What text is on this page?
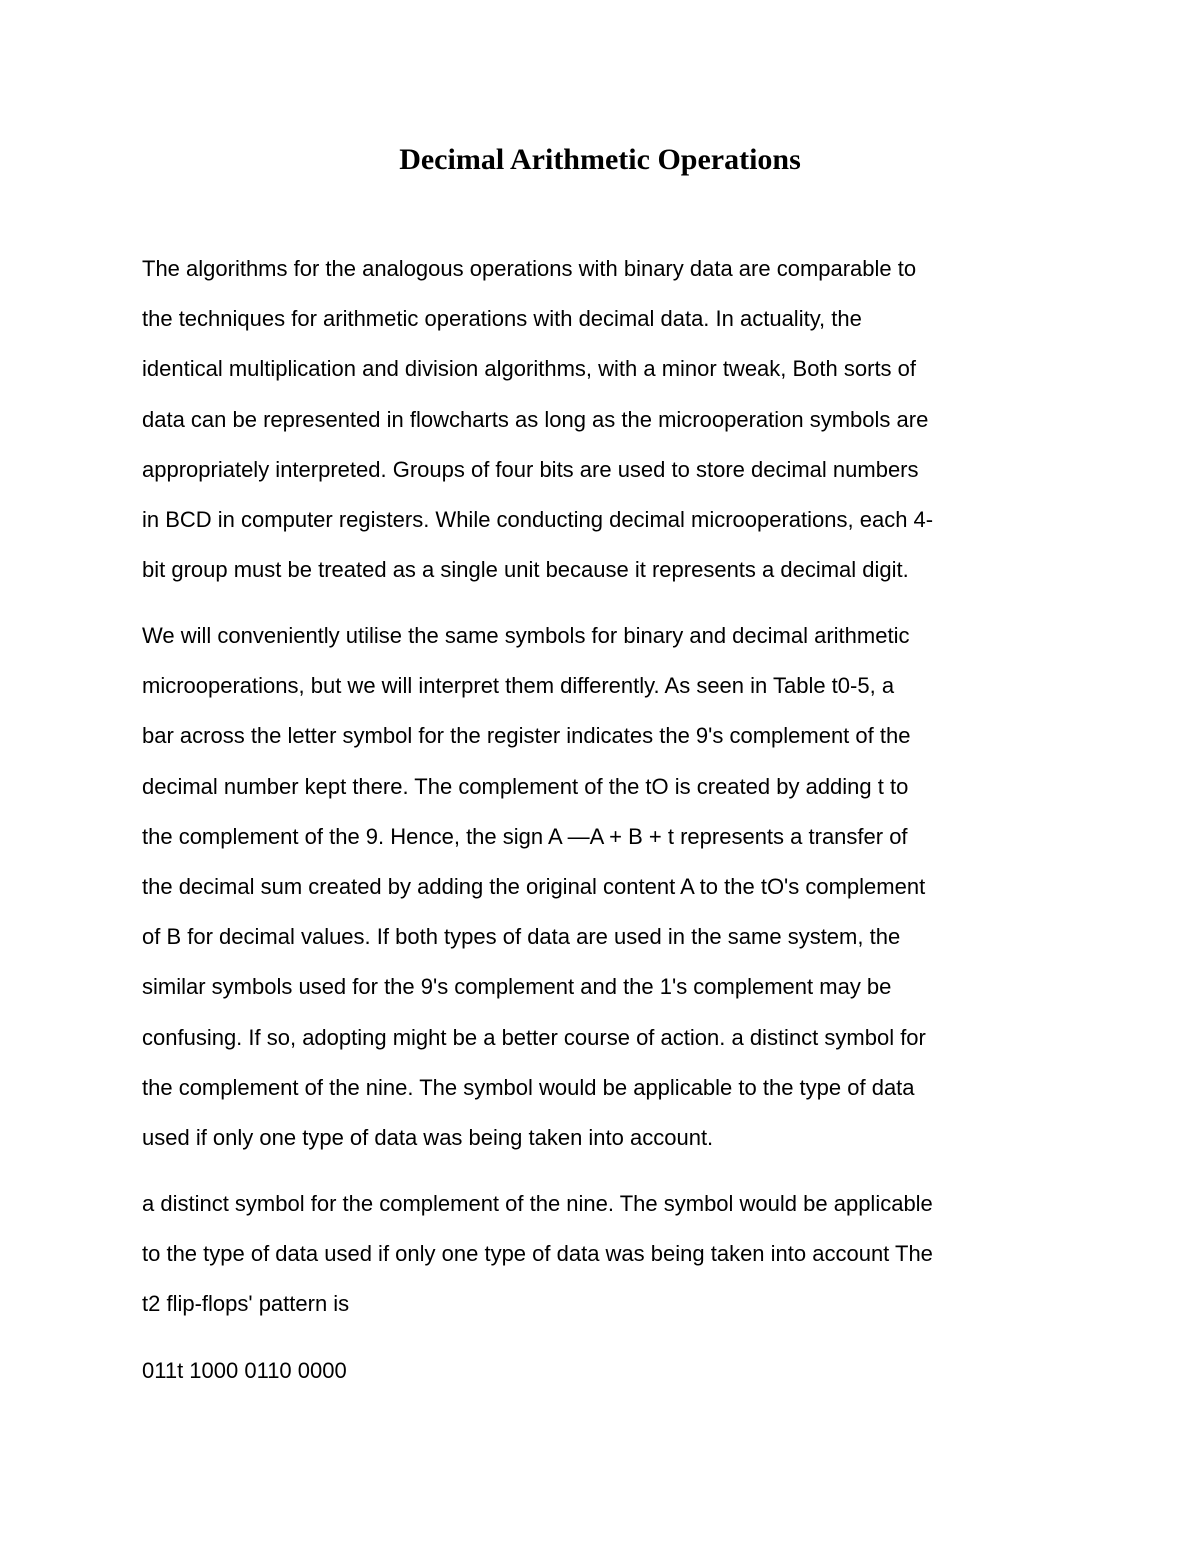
Decimal Arithmetic Operations

The algorithms for the analogous operations with binary data are comparable to
the techniques for arithmetic operations with decimal data. In actuality, the
identical multiplication and division algorithms, with a minor tweak, Both sorts of
data can be represented in flowcharts as long as the microoperation symbols are
appropriately interpreted. Groups of four bits are used to store decimal numbers
in BCD in computer registers. While conducting decimal microoperations, each 4-
bit group must be treated as a single unit because it represents a decimal digit.

We will conveniently utilise the same symbols for binary and decimal arithmetic
microoperations, but we will interpret them differently. As seen in Table t0-5, a
bar across the letter symbol for the register indicates the 9's complement of the
decimal number kept there. The complement of the tO is created by adding t to
the complement of the 9. Hence, the sign A —A + B + t represents a transfer of
the decimal sum created by adding the original content A to the tO's complement
of B for decimal values. If both types of data are used in the same system, the
similar symbols used for the 9's complement and the 1's complement may be
confusing. If so, adopting might be a better course of action. a distinct symbol for
the complement of the nine. The symbol would be applicable to the type of data
used if only one type of data was being taken into account.

a distinct symbol for the complement of the nine. The symbol would be applicable
to the type of data used if only one type of data was being taken into account The
t2 flip-flops' pattern is

011t 1000 0110 0000
